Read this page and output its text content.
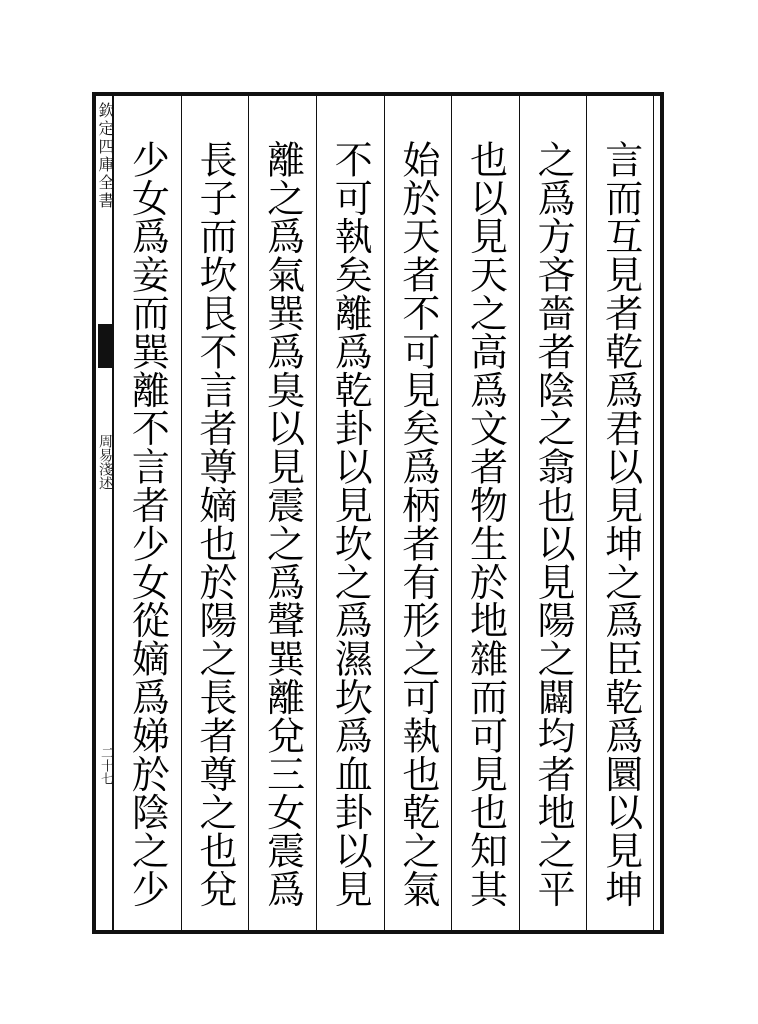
欽定四庫全書
周易淺述
二十七	言而互見者乾爲君以見坤之爲臣乾爲圜以見坤
之爲方吝嗇者陰之翕也以見陽之闢均者地之平
也以見天之高爲文者物生於地雜而可見也知其
始於天者不可見矣爲柄者有形之可執也乾之氣
不可執矣離爲乾卦以見坎之爲濕坎爲血卦以見
離之爲氣巽爲臭以見震之爲聲巽離兌三女震爲
長子而坎艮不言者尊嫡也於陽之長者尊之也兌
少女爲妾而巽離不言者少女從嫡爲娣於陰之少
